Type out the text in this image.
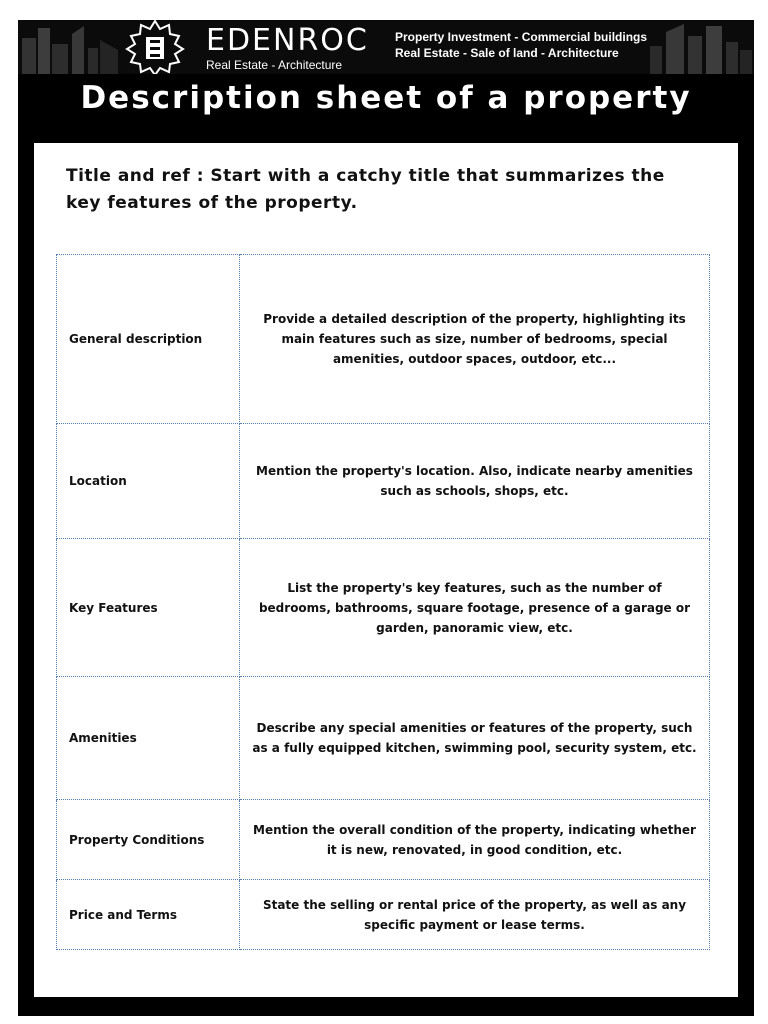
EDENROC
Real Estate - Architecture
Property Investment - Commercial buildings
Real Estate - Sale of land - Architecture
Description sheet of a property
Title and ref : Start with a catchy title that summarizes the key features of the property.
General description	Provide a detailed description of the property, highlighting its main features such as size, number of bedrooms, special amenities, outdoor spaces, outdoor, etc...
Location	Mention the property's location. Also, indicate nearby amenities such as schools, shops, etc.
Key Features	List the property's key features, such as the number of bedrooms, bathrooms, square footage, presence of a garage or garden, panoramic view, etc.
Amenities	Describe any special amenities or features of the property, such as a fully equipped kitchen, swimming pool, security system, etc.
Property Conditions	Mention the overall condition of the property, indicating whether it is new, renovated, in good condition, etc.
Price and Terms	State the selling or rental price of the property, as well as any specific payment or lease terms.
